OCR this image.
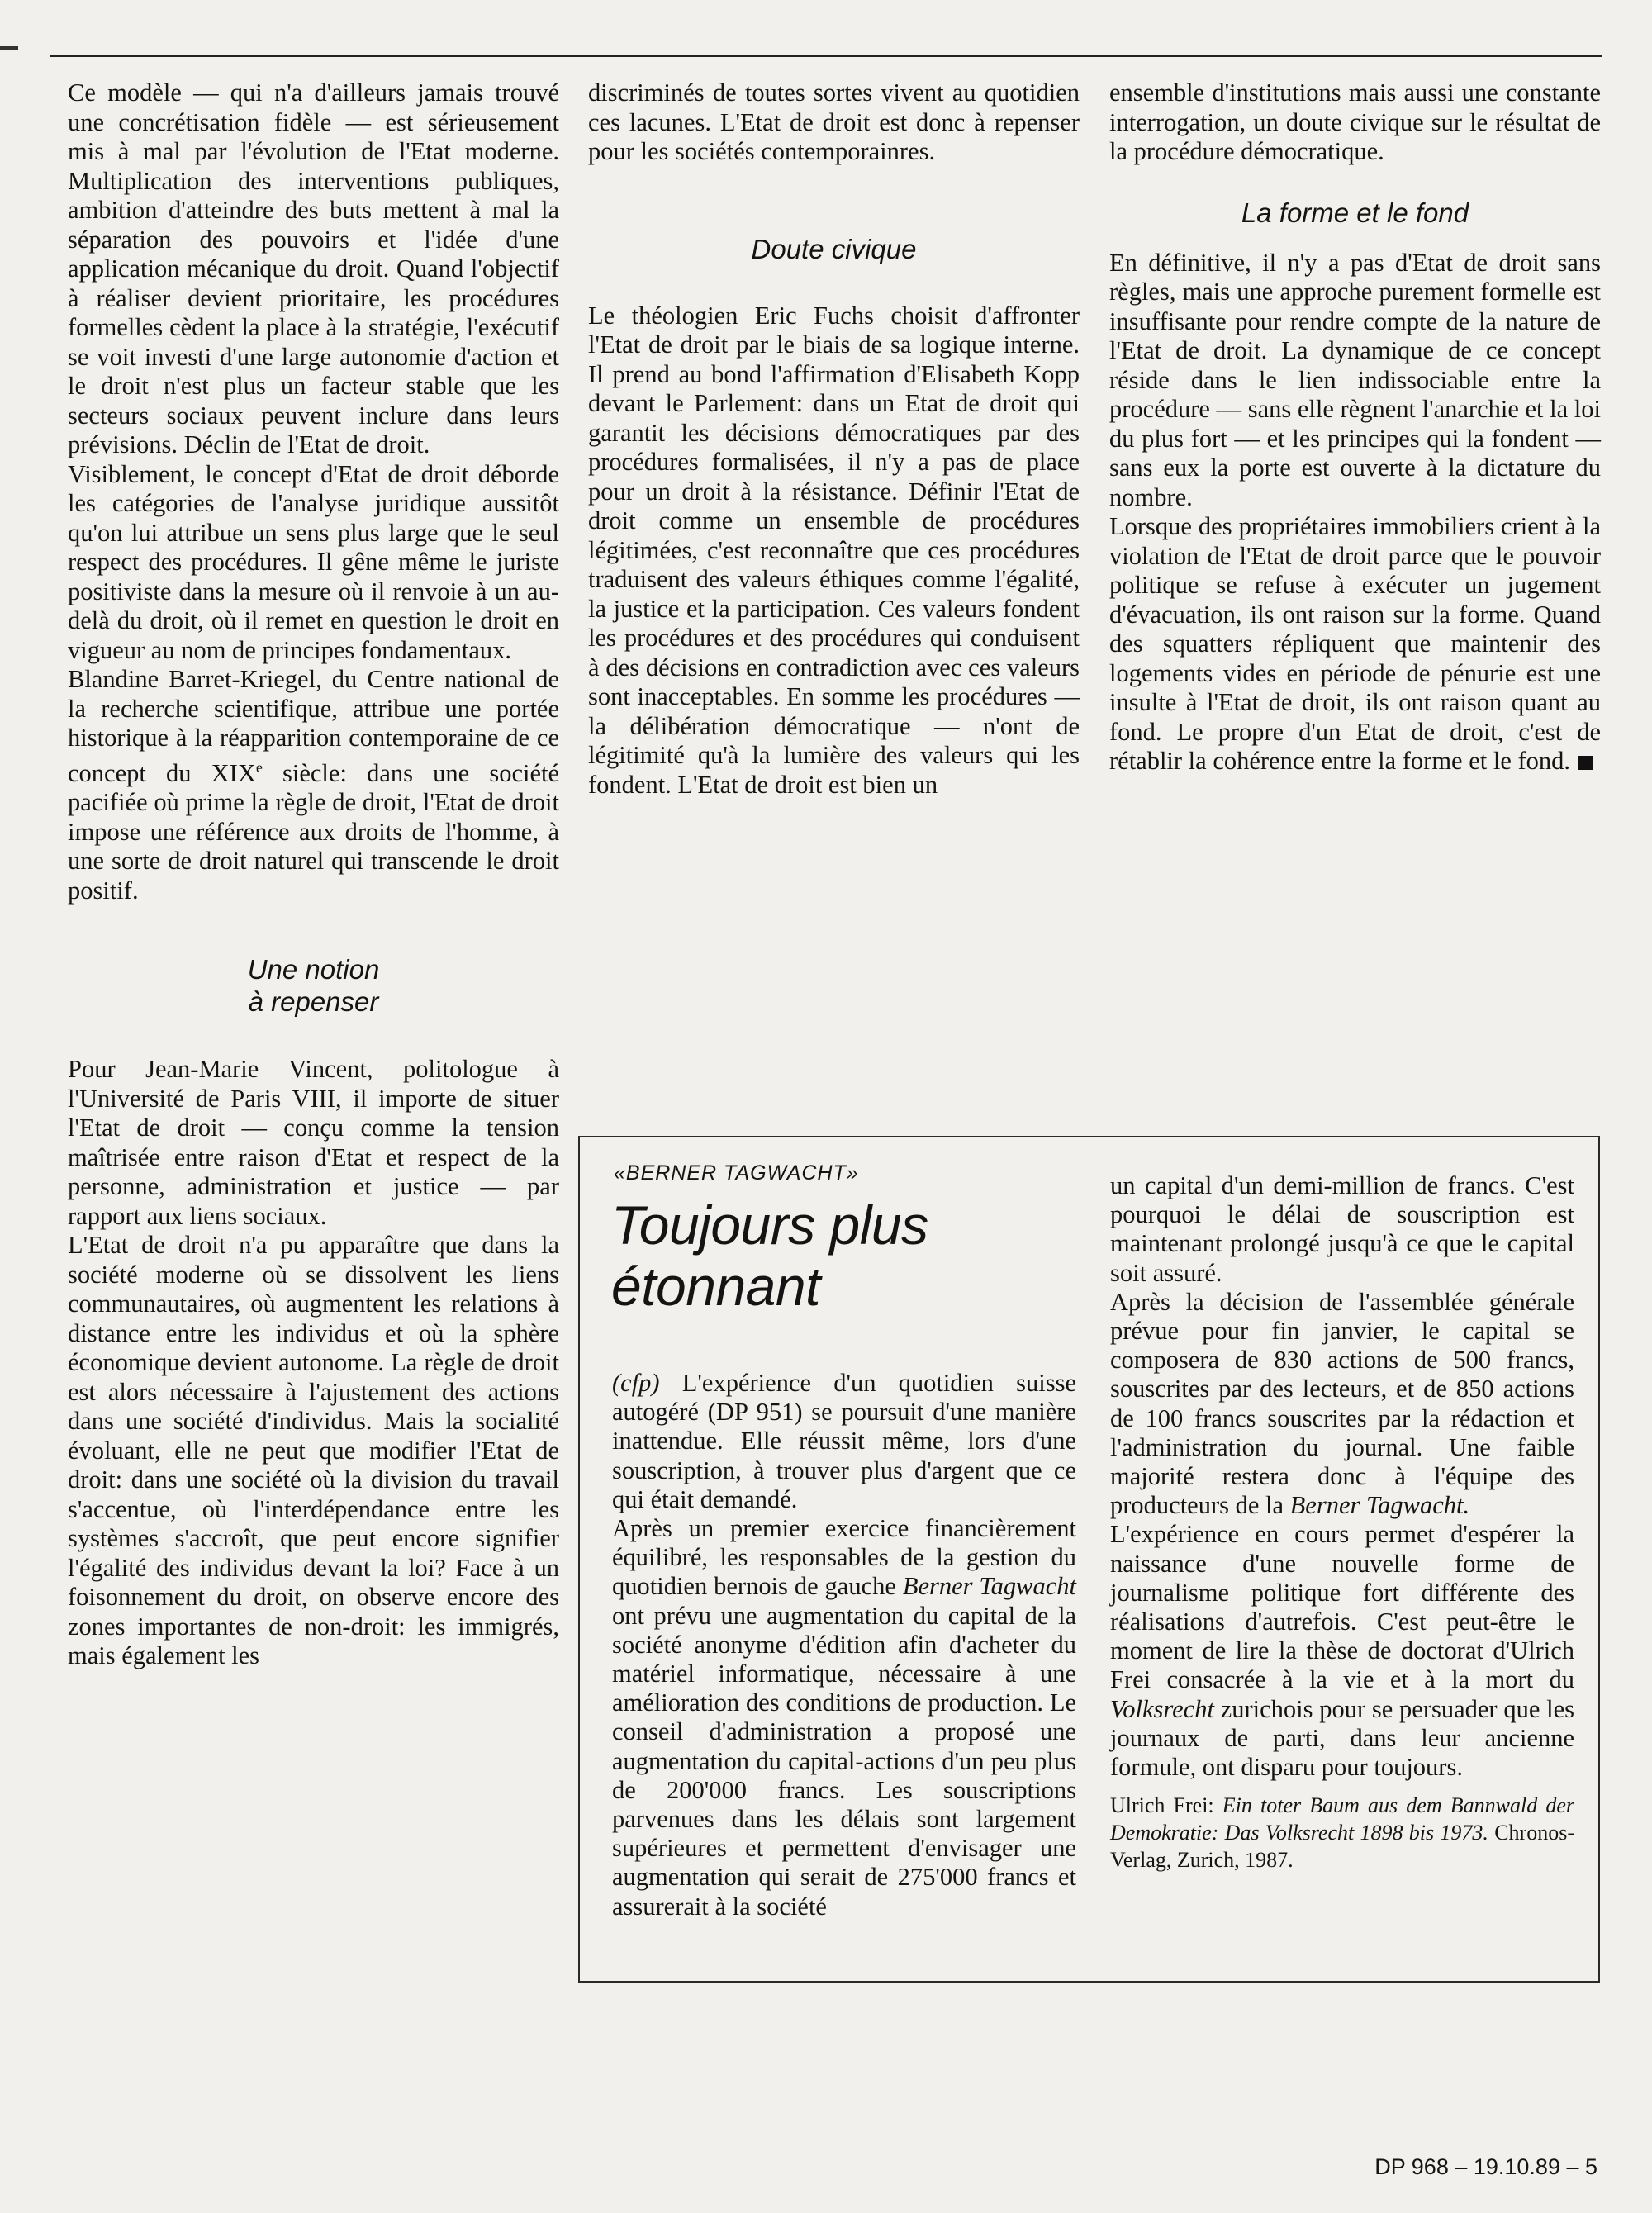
Ce modèle — qui n'a d'ailleurs jamais trouvé une concrétisation fidèle — est sérieusement mis à mal par l'évolution de l'Etat moderne. Multiplication des interventions publiques, ambition d'atteindre des buts mettent à mal la séparation des pouvoirs et l'idée d'une application mécanique du droit. Quand l'objectif à réaliser devient prioritaire, les procédures formelles cèdent la place à la stratégie, l'exécutif se voit investi d'une large autonomie d'action et le droit n'est plus un facteur stable que les secteurs sociaux peuvent inclure dans leurs prévisions. Déclin de l'Etat de droit.

Visiblement, le concept d'Etat de droit déborde les catégories de l'analyse juridique aussitôt qu'on lui attribue un sens plus large que le seul respect des procédures. Il gêne même le juriste positiviste dans la mesure où il renvoie à un au-delà du droit, où il remet en question le droit en vigueur au nom de principes fondamentaux.

Blandine Barret-Kriegel, du Centre national de la recherche scientifique, attribue une portée historique à la réapparition contemporaine de ce concept du XIXe siècle: dans une société pacifiée où prime la règle de droit, l'Etat de droit impose une référence aux droits de l'homme, à une sorte de droit naturel qui transcende le droit positif.

Une notion

à repenser

Pour Jean-Marie Vincent, politologue à l'Université de Paris VIII, il importe de situer l'Etat de droit — conçu comme la tension maîtrisée entre raison d'Etat et respect de la personne, administration et justice — par rapport aux liens sociaux.

L'Etat de droit n'a pu apparaître que dans la société moderne où se dissolvent les liens communautaires, où augmentent les relations à distance entre les individus et où la sphère économique devient autonome. La règle de droit est alors nécessaire à l'ajustement des actions dans une société d'individus. Mais la socialité évoluant, elle ne peut que modifier l'Etat de droit: dans une société où la division du travail s'accentue, où l'interdépendance entre les systèmes s'accroît, que peut encore signifier l'égalité des individus devant la loi? Face à un foisonnement du droit, on observe encore des zones importantes de non-droit: les immigrés, mais également les

discriminés de toutes sortes vivent au quotidien ces lacunes. L'Etat de droit est donc à repenser pour les sociétés contemporainres.

Doute civique

Le théologien Eric Fuchs choisit d'affronter l'Etat de droit par le biais de sa logique interne. Il prend au bond l'affirmation d'Elisabeth Kopp devant le Parlement: dans un Etat de droit qui garantit les décisions démocratiques par des procédures formalisées, il n'y a pas de place pour un droit à la résistance. Définir l'Etat de droit comme un ensemble de procédures légitimées, c'est reconnaître que ces procédures traduisent des valeurs éthiques comme l'égalité, la justice et la participation. Ces valeurs fondent les procédures et des procédures qui conduisent à des décisions en contradiction avec ces valeurs sont inacceptables. En somme les procédures — la délibération démocratique — n'ont de légitimité qu'à la lumière des valeurs qui les fondent. L'Etat de droit est bien un

ensemble d'institutions mais aussi une constante interrogation, un doute civique sur le résultat de la procédure démocratique.

La forme et le fond

En définitive, il n'y a pas d'Etat de droit sans règles, mais une approche purement formelle est insuffisante pour rendre compte de la nature de l'Etat de droit. La dynamique de ce concept réside dans le lien indissociable entre la procédure — sans elle règnent l'anarchie et la loi du plus fort — et les principes qui la fondent — sans eux la porte est ouverte à la dictature du nombre.

Lorsque des propriétaires immobiliers crient à la violation de l'Etat de droit parce que le pouvoir politique se refuse à exécuter un jugement d'évacuation, ils ont raison sur la forme. Quand des squatters répliquent que maintenir des logements vides en période de pénurie est une insulte à l'Etat de droit, ils ont raison quant au fond. Le propre d'un Etat de droit, c'est de rétablir la cohérence entre la forme et le fond.

«BERNER TAGWACHT»

Toujours plus
étonnant

(cfp) L'expérience d'un quotidien suisse autogéré (DP 951) se poursuit d'une manière inattendue. Elle réussit même, lors d'une souscription, à trouver plus d'argent que ce qui était demandé.

Après un premier exercice financièrement équilibré, les responsables de la gestion du quotidien bernois de gauche Berner Tagwacht ont prévu une augmentation du capital de la société anonyme d'édition afin d'acheter du matériel informatique, nécessaire à une amélioration des conditions de production. Le conseil d'administration a proposé une augmentation du capital-actions d'un peu plus de 200'000 francs. Les souscriptions parvenues dans les délais sont largement supérieures et permettent d'envisager une augmentation qui serait de 275'000 francs et assurerait à la société

un capital d'un demi-million de francs. C'est pourquoi le délai de souscription est maintenant prolongé jusqu'à ce que le capital soit assuré.

Après la décision de l'assemblée générale prévue pour fin janvier, le capital se composera de 830 actions de 500 francs, souscrites par des lecteurs, et de 850 actions de 100 francs souscrites par la rédaction et l'administration du journal. Une faible majorité restera donc à l'équipe des producteurs de la Berner Tagwacht.

L'expérience en cours permet d'espérer la naissance d'une nouvelle forme de journalisme politique fort différente des réalisations d'autrefois. C'est peut-être le moment de lire la thèse de doctorat d'Ulrich Frei consacrée à la vie et à la mort du Volksrecht zurichois pour se persuader que les journaux de parti, dans leur ancienne formule, ont disparu pour toujours.

Ulrich Frei: Ein toter Baum aus dem Bannwald der Demokratie: Das Volksrecht 1898 bis 1973. Chronos-Verlag, Zurich, 1987.

DP 968 – 19.10.89 – 5
